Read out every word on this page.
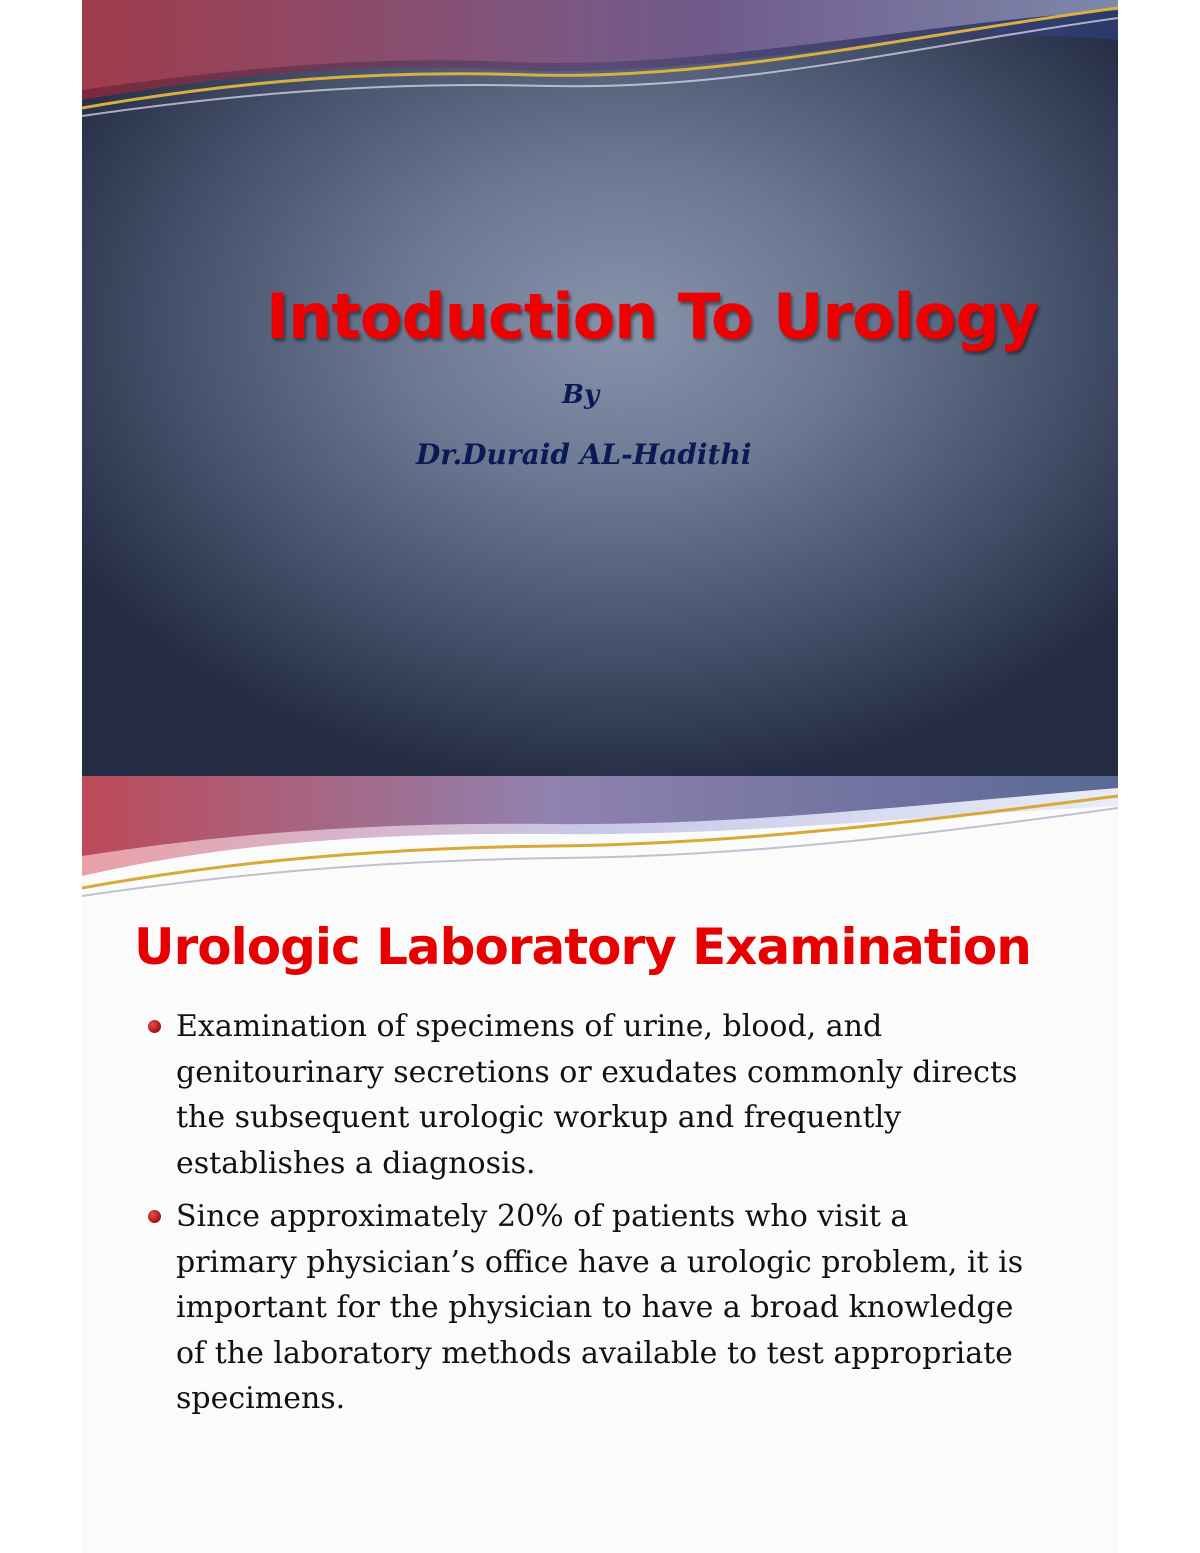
Intoduction To Urology
By
Dr.Duraid AL-Hadithi
Urologic Laboratory Examination
Examination of specimens of urine, blood, and
genitourinary secretions or exudates commonly directs
the subsequent urologic workup and frequently
establishes a diagnosis.
Since approximately 20% of patients who visit a
primary physician’s office have a urologic problem, it is
important for the physician to have a broad knowledge
of the laboratory methods available to test appropriate
specimens.
